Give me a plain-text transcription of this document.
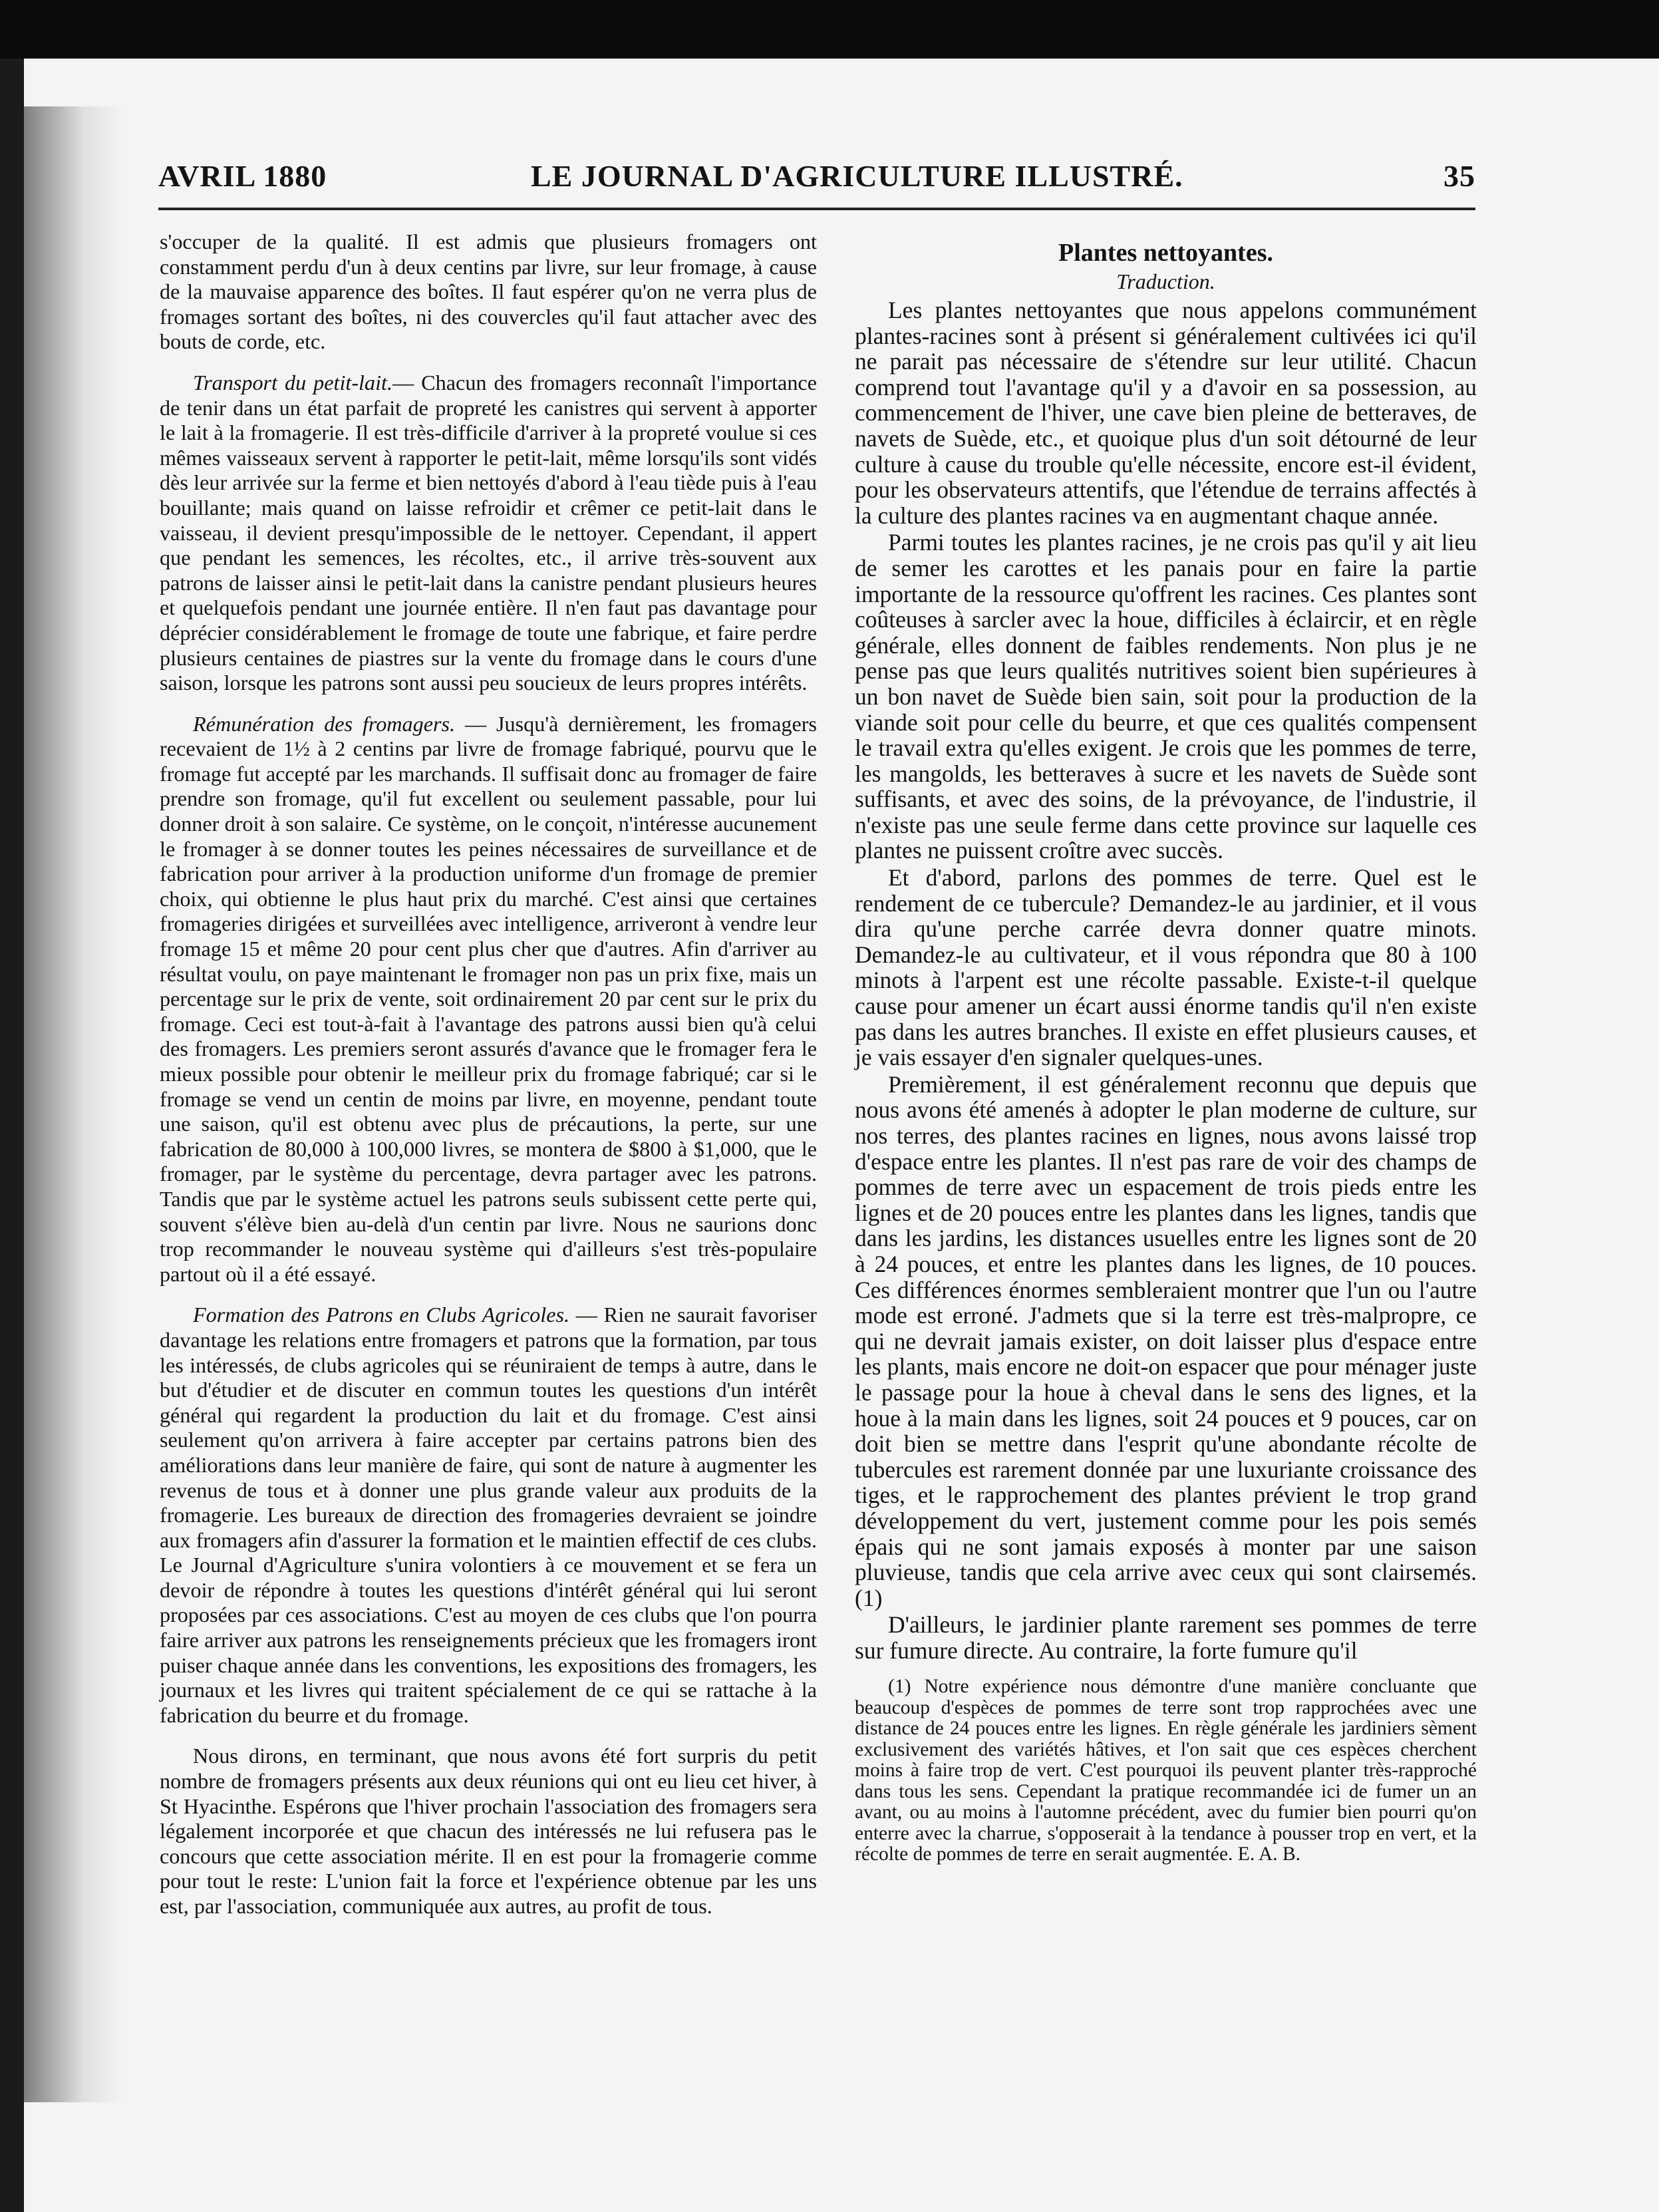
AVRIL 1880	LE JOURNAL D'AGRICULTURE ILLUSTRÉ.	35

s'occuper de la qualité. Il est admis que plusieurs fromagers ont constamment perdu d'un à deux centins par livre, sur leur fromage, à cause de la mauvaise apparence des boîtes. Il faut espérer qu'on ne verra plus de fromages sortant des boîtes, ni des couvercles qu'il faut attacher avec des bouts de corde, etc.

Transport du petit-lait.— Chacun des fromagers reconnaît l'importance de tenir dans un état parfait de propreté les canistres qui servent à apporter le lait à la fromagerie. Il est très-difficile d'arriver à la propreté voulue si ces mêmes vaisseaux servent à rapporter le petit-lait, même lorsqu'ils sont vidés dès leur arrivée sur la ferme et bien nettoyés d'abord à l'eau tiède puis à l'eau bouillante; mais quand on laisse refroidir et crêmer ce petit-lait dans le vaisseau, il devient presqu'impossible de le nettoyer. Cependant, il appert que pendant les semences, les récoltes, etc., il arrive très-souvent aux patrons de laisser ainsi le petit-lait dans la canistre pendant plusieurs heures et quelquefois pendant une journée entière. Il n'en faut pas davantage pour déprécier considérablement le fromage de toute une fabrique, et faire perdre plusieurs centaines de piastres sur la vente du fromage dans le cours d'une saison, lorsque les patrons sont aussi peu soucieux de leurs propres intérêts.

Rémunération des fromagers. — Jusqu'à dernièrement, les fromagers recevaient de 1½ à 2 centins par livre de fromage fabriqué, pourvu que le fromage fut accepté par les marchands. Il suffisait donc au fromager de faire prendre son fromage, qu'il fut excellent ou seulement passable, pour lui donner droit à son salaire. Ce système, on le conçoit, n'intéresse aucunement le fromager à se donner toutes les peines nécessaires de surveillance et de fabrication pour arriver à la production uniforme d'un fromage de premier choix, qui obtienne le plus haut prix du marché. C'est ainsi que certaines fromageries dirigées et surveillées avec intelligence, arriveront à vendre leur fromage 15 et même 20 pour cent plus cher que d'autres. Afin d'arriver au résultat voulu, on paye maintenant le fromager non pas un prix fixe, mais un percentage sur le prix de vente, soit ordinairement 20 par cent sur le prix du fromage. Ceci est tout-à-fait à l'avantage des patrons aussi bien qu'à celui des fromagers. Les premiers seront assurés d'avance que le fromager fera le mieux possible pour obtenir le meilleur prix du fromage fabriqué; car si le fromage se vend un centin de moins par livre, en moyenne, pendant toute une saison, qu'il est obtenu avec plus de précautions, la perte, sur une fabrication de 80,000 à 100,000 livres, se montera de $800 à $1,000, que le fromager, par le système du percentage, devra partager avec les patrons. Tandis que par le système actuel les patrons seuls subissent cette perte qui, souvent s'élève bien au-delà d'un centin par livre. Nous ne saurions donc trop recommander le nouveau système qui d'ailleurs s'est très-populaire partout où il a été essayé.

Formation des Patrons en Clubs Agricoles. — Rien ne saurait favoriser davantage les relations entre fromagers et patrons que la formation, par tous les intéressés, de clubs agricoles qui se réuniraient de temps à autre, dans le but d'étudier et de discuter en commun toutes les questions d'un intérêt général qui regardent la production du lait et du fromage. C'est ainsi seulement qu'on arrivera à faire accepter par certains patrons bien des améliorations dans leur manière de faire, qui sont de nature à augmenter les revenus de tous et à donner une plus grande valeur aux produits de la fromagerie. Les bureaux de direction des fromageries devraient se joindre aux fromagers afin d'assurer la formation et le maintien effectif de ces clubs. Le Journal d'Agriculture s'unira volontiers à ce mouvement et se fera un devoir de répondre à toutes les questions d'intérêt général qui lui seront proposées par ces associations. C'est au moyen de ces clubs que l'on pourra faire arriver aux patrons les renseignements précieux que les fromagers iront puiser chaque année dans les conventions, les expositions des fromagers, les journaux et les livres qui traitent spécialement de ce qui se rattache à la fabrication du beurre et du fromage.

Nous dirons, en terminant, que nous avons été fort surpris du petit nombre de fromagers présents aux deux réunions qui ont eu lieu cet hiver, à St Hyacinthe. Espérons que l'hiver prochain l'association des fromagers sera légalement incorporée et que chacun des intéressés ne lui refusera pas le concours que cette association mérite. Il en est pour la fromagerie comme pour tout le reste: L'union fait la force et l'expérience obtenue par les uns est, par l'association, communiquée aux autres, au profit de tous.

Plantes nettoyantes.
Traduction.

Les plantes nettoyantes que nous appelons communément plantes-racines sont à présent si généralement cultivées ici qu'il ne parait pas nécessaire de s'étendre sur leur utilité. Chacun comprend tout l'avantage qu'il y a d'avoir en sa possession, au commencement de l'hiver, une cave bien pleine de betteraves, de navets de Suède, etc., et quoique plus d'un soit détourné de leur culture à cause du trouble qu'elle nécessite, encore est-il évident, pour les observateurs attentifs, que l'étendue de terrains affectés à la culture des plantes racines va en augmentant chaque année.

Parmi toutes les plantes racines, je ne crois pas qu'il y ait lieu de semer les carottes et les panais pour en faire la partie importante de la ressource qu'offrent les racines. Ces plantes sont coûteuses à sarcler avec la houe, difficiles à éclaircir, et en règle générale, elles donnent de faibles rendements. Non plus je ne pense pas que leurs qualités nutritives soient bien supérieures à un bon navet de Suède bien sain, soit pour la production de la viande soit pour celle du beurre, et que ces qualités compensent le travail extra qu'elles exigent. Je crois que les pommes de terre, les mangolds, les betteraves à sucre et les navets de Suède sont suffisants, et avec des soins, de la prévoyance, de l'industrie, il n'existe pas une seule ferme dans cette province sur laquelle ces plantes ne puissent croître avec succès.

Et d'abord, parlons des pommes de terre. Quel est le rendement de ce tubercule? Demandez-le au jardinier, et il vous dira qu'une perche carrée devra donner quatre minots. Demandez-le au cultivateur, et il vous répondra que 80 à 100 minots à l'arpent est une récolte passable. Existe-t-il quelque cause pour amener un écart aussi énorme tandis qu'il n'en existe pas dans les autres branches. Il existe en effet plusieurs causes, et je vais essayer d'en signaler quelques-unes.

Premièrement, il est généralement reconnu que depuis que nous avons été amenés à adopter le plan moderne de culture, sur nos terres, des plantes racines en lignes, nous avons laissé trop d'espace entre les plantes. Il n'est pas rare de voir des champs de pommes de terre avec un espacement de trois pieds entre les lignes et de 20 pouces entre les plantes dans les lignes, tandis que dans les jardins, les distances usuelles entre les lignes sont de 20 à 24 pouces, et entre les plantes dans les lignes, de 10 pouces. Ces différences énormes sembleraient montrer que l'un ou l'autre mode est erroné. J'admets que si la terre est très-malpropre, ce qui ne devrait jamais exister, on doit laisser plus d'espace entre les plants, mais encore ne doit-on espacer que pour ménager juste le passage pour la houe à cheval dans le sens des lignes, et la houe à la main dans les lignes, soit 24 pouces et 9 pouces, car on doit bien se mettre dans l'esprit qu'une abondante récolte de tubercules est rarement donnée par une luxuriante croissance des tiges, et le rapprochement des plantes prévient le trop grand développement du vert, justement comme pour les pois semés épais qui ne sont jamais exposés à monter par une saison pluvieuse, tandis que cela arrive avec ceux qui sont clairsemés. (1)

D'ailleurs, le jardinier plante rarement ses pommes de terre sur fumure directe. Au contraire, la forte fumure qu'il

(1) Notre expérience nous démontre d'une manière concluante que beaucoup d'espèces de pommes de terre sont trop rapprochées avec une distance de 24 pouces entre les lignes. En règle générale les jardiniers sèment exclusivement des variétés hâtives, et l'on sait que ces espèces cherchent moins à faire trop de vert. C'est pourquoi ils peuvent planter très-rapproché dans tous les sens. Cependant la pratique recommandée ici de fumer un an avant, ou au moins à l'automne précédent, avec du fumier bien pourri qu'on enterre avec la charrue, s'opposerait à la tendance à pousser trop en vert, et la récolte de pommes de terre en serait augmentée. E. A. B.
